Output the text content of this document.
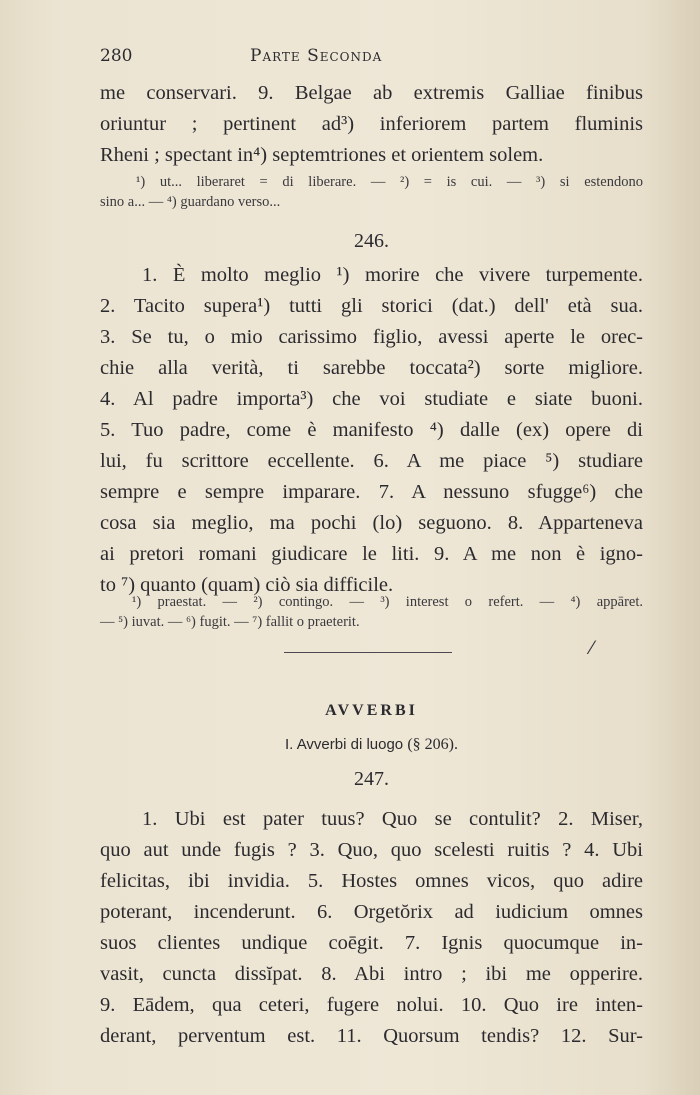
280	Parte Seconda
me conservari. 9. Belgae ab extremis Galliae finibus
oriuntur ; pertinent ad³) inferiorem partem fluminis
Rheni ; spectant in⁴) septemtriones et orientem solem.
¹) ut... liberaret = di liberare. — ²) = is cui. — ³) si estendono
sino a... — ⁴) guardano verso...
246.
1. È molto meglio ¹) morire che vivere turpemente.
2. Tacito supera¹) tutti gli storici (dat.) dell' età sua.
3. Se tu, o mio carissimo figlio, avessi aperte le orec-
chie alla verità, ti sarebbe toccata²) sorte migliore.
4. Al padre importa³) che voi studiate e siate buoni.
5. Tuo padre, come è manifesto ⁴) dalle (ex) opere di
lui, fu scrittore eccellente. 6. A me piace ⁵) studiare
sempre e sempre imparare. 7. A nessuno sfugge⁶) che
cosa sia meglio, ma pochi (lo) seguono. 8. Apparteneva
ai pretori romani giudicare le liti. 9. A me non è igno-
to ⁷) quanto (quam) ciò sia difficile.
¹) praestat. — ²) contingo. — ³) interest o refert. — ⁴) appāret.
— ⁵) iuvat. — ⁶) fugit. — ⁷) fallit o praeterit.
⁄
AVVERBI
I. Avverbi di luogo (§ 206).
247.
1. Ubi est pater tuus? Quo se contulit? 2. Miser,
quo aut unde fugis ? 3. Quo, quo scelesti ruitis ? 4. Ubi
felicitas, ibi invidia. 5. Hostes omnes vicos, quo adire
poterant, incenderunt. 6. Orgetŏrix ad iudicium omnes
suos clientes undique coēgit. 7. Ignis quocumque in-
vasit, cuncta dissĭpat. 8. Abi intro ; ibi me opperire.
9. Eādem, qua ceteri, fugere nolui. 10. Quo ire inten-
derant, perventum est. 11. Quorsum tendis? 12. Sur-
